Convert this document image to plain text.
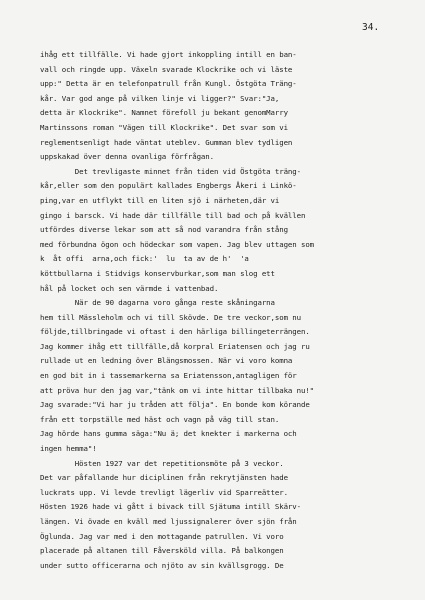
34.
ihåg ett tillfälle. Vi hade gjort inkoppling intill en ban-
vall och ringde upp. Växeln svarade Klockrike och vi läste
upp:" Detta är en telefonpatrull från Kungl. Östgöta Träng-
kår. Var god ange på vilken linje vi ligger?" Svar:"Ja,
detta är Klockrike". Namnet förefoll ju bekant genomMarry
Martinssons roman "Vägen till Klockrike". Det svar som vi
reglementsenligt hade väntat uteblev. Gumman blev tydligen
uppskakad över denna ovanliga förfrågan.
Det trevligaste minnet från tiden vid Östgöta träng-
kår,eller som den populärt kallades Engbergs Åkeri i Linkö-
ping,var en utflykt till en liten sjö i närheten,där vi
gingo i barsck. Vi hade där tillfälle till bad och på kvällen
utfördes diverse lekar som att så nod varandra från stång
med förbundna ögon och hödeckar som vapen. Jag blev uttagen som
k  åt offi  arna,och fick:'  lu  ta av de h'  'a
köttbullarna i Stidvigs konservburkar,som man slog ett
hål på locket och sen värmde i vattenbad.
När de 90 dagarna voro gånga reste skåningarna
hem till Mässleholm och vi till Skövde. De tre veckor,som nu
följde,tillbringade vi oftast i den härliga billingeterrängen.
Jag kommer ihåg ett tillfälle,då korpral Eriatensen och jag ru
rullade ut en ledning över Blängsmossen. När vi voro komna
en god bit in i tassemarkerna sa Eriatensson,antagligen för
att pröva hur den jag var,"tänk om vi inte hittar tillbaka nu!"
Jag svarade:"Vi har ju tråden att följa". En bonde kom körande
från ett torpställe med häst och vagn på väg till stan.
Jag hörde hans gumma säga:"Nu ä; det knekter i markerna och
ingen hemma"!
Hösten 1927 var det repetitionsmöte på 3 veckor.
Det var påfallande hur diciplinen från rekrytjänsten hade
luckrats upp. Vi levde trevligt lägerliv vid Sparreätter.
Hösten 1926 hade vi gått i bivack till Sjätuma intill Skärv-
längen. Vi övade en kväll med ljussignalerer över sjön från
Öglunda. Jag var med i den mottagande patrullen. Vi voro
placerade på altanen till Fåversköld villa. På balkongen
under sutto officerarna och njöto av sin kvällsgrogg. De
